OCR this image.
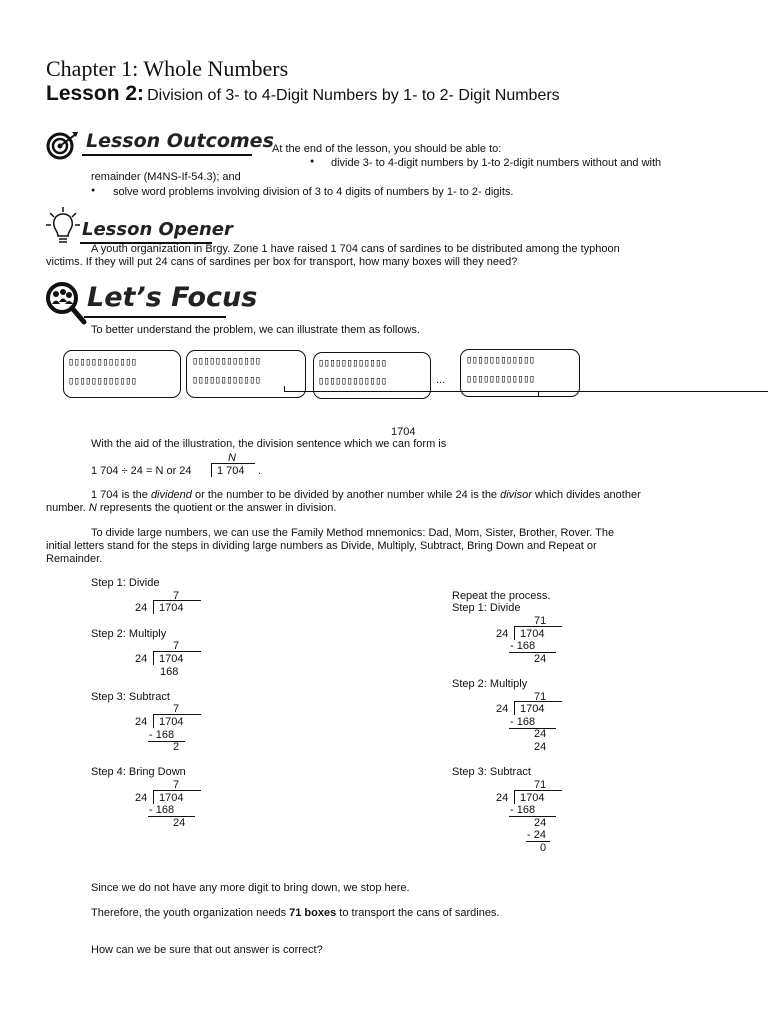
Chapter 1: Whole Numbers
Lesson 2: Division of 3- to 4-Digit Numbers by 1- to 2- Digit Numbers
Lesson Outcomes
At the end of the lesson, you should be able to:
● divide 3- to 4-digit numbers by 1-to 2-digit numbers without and with
remainder (M4NS-If-54.3); and
● solve word problems involving division of 3 to 4 digits of numbers by 1- to 2- digits.
Lesson Opener
A youth organization in Brgy. Zone 1 have raised 1 704 cans of sardines to be distributed among the typhoon
victims. If they will put 24 cans of sardines per box for transport, how many boxes will they need?
Let’s Focus
To better understand the problem, we can illustrate them as follows.
▯▯▯▯▯▯▯▯▯▯▯▯
▯▯▯▯▯▯▯▯▯▯▯▯
▯▯▯▯▯▯▯▯▯▯▯▯
▯▯▯▯▯▯▯▯▯▯▯▯
▯▯▯▯▯▯▯▯▯▯▯▯
▯▯▯▯▯▯▯▯▯▯▯▯	...
▯▯▯▯▯▯▯▯▯▯▯▯
▯▯▯▯▯▯▯▯▯▯▯▯
1704
With the aid of the illustration, the division sentence which we can form is
N
1 704 ÷ 24 = N or 24 1 704 .
1 704 is the dividend or the number to be divided by another number while 24 is the divisor which divides another
number. N represents the quotient or the answer in division.
To divide large numbers, we can use the Family Method mnemonics: Dad, Mom, Sister, Brother, Rover. The
initial letters stand for the steps in dividing large numbers as Divide, Multiply, Subtract, Bring Down and Repeat or
Remainder.
Step 1: Divide
7
24 1704
Step 2: Multiply
7
24 1704
168
Step 3: Subtract
7
24 1704
- 168
2
Step 4: Bring Down
7
24 1704
- 168
24
Repeat the process.
Step 1: Divide
71
24 1704
- 168
24
Step 2: Multiply
71
24 1704
- 168
24
24
Step 3: Subtract
71
24 1704
- 168
24
- 24
0
Since we do not have any more digit to bring down, we stop here.
Therefore, the youth organization needs 71 boxes to transport the cans of sardines.
How can we be sure that out answer is correct?
